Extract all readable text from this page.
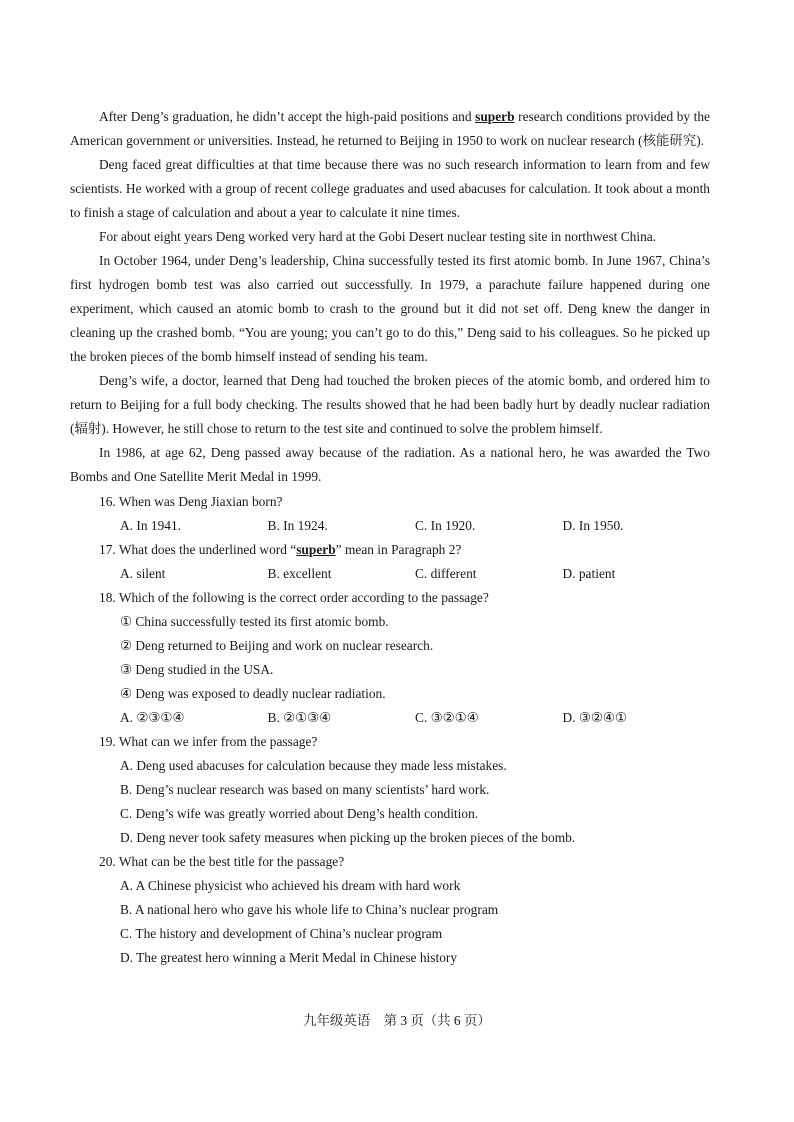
After Deng’s graduation, he didn’t accept the high-paid positions and superb research conditions provided by the American government or universities. Instead, he returned to Beijing in 1950 to work on nuclear research (核能研究).

Deng faced great difficulties at that time because there was no such research information to learn from and few scientists. He worked with a group of recent college graduates and used abacuses for calculation. It took about a month to finish a stage of calculation and about a year to calculate it nine times.

For about eight years Deng worked very hard at the Gobi Desert nuclear testing site in northwest China.

In October 1964, under Deng’s leadership, China successfully tested its first atomic bomb. In June 1967, China’s first hydrogen bomb test was also carried out successfully. In 1979, a parachute failure happened during one experiment, which caused an atomic bomb to crash to the ground but it did not set off. Deng knew the danger in cleaning up the crashed bomb. “You are young; you can’t go to do this,” Deng said to his colleagues. So he picked up the broken pieces of the bomb himself instead of sending his team.

Deng’s wife, a doctor, learned that Deng had touched the broken pieces of the atomic bomb, and ordered him to return to Beijing for a full body checking. The results showed that he had been badly hurt by deadly nuclear radiation (辐射). However, he still chose to return to the test site and continued to solve the problem himself.

In 1986, at age 62, Deng passed away because of the radiation. As a national hero, he was awarded the Two Bombs and One Satellite Merit Medal in 1999.

16. When was Deng Jiaxian born?
A. In 1941.	B. In 1924.	C. In 1920.	D. In 1950.
17. What does the underlined word “superb” mean in Paragraph 2?
A. silent	B. excellent	C. different	D. patient
18. Which of the following is the correct order according to the passage?
① China successfully tested its first atomic bomb.
② Deng returned to Beijing and work on nuclear research.
③ Deng studied in the USA.
④ Deng was exposed to deadly nuclear radiation.
A. ②③①④	B. ②①③④	C. ③②①④	D. ③②④①
19. What can we infer from the passage?
A. Deng used abacuses for calculation because they made less mistakes.
B. Deng’s nuclear research was based on many scientists’ hard work.
C. Deng’s wife was greatly worried about Deng’s health condition.
D. Deng never took safety measures when picking up the broken pieces of the bomb.
20. What can be the best title for the passage?
A. A Chinese physicist who achieved his dream with hard work
B. A national hero who gave his whole life to China’s nuclear program
C. The history and development of China’s nuclear program
D. The greatest hero winning a Merit Medal in Chinese history
九年级英语　第 3 页（共 6 页）
